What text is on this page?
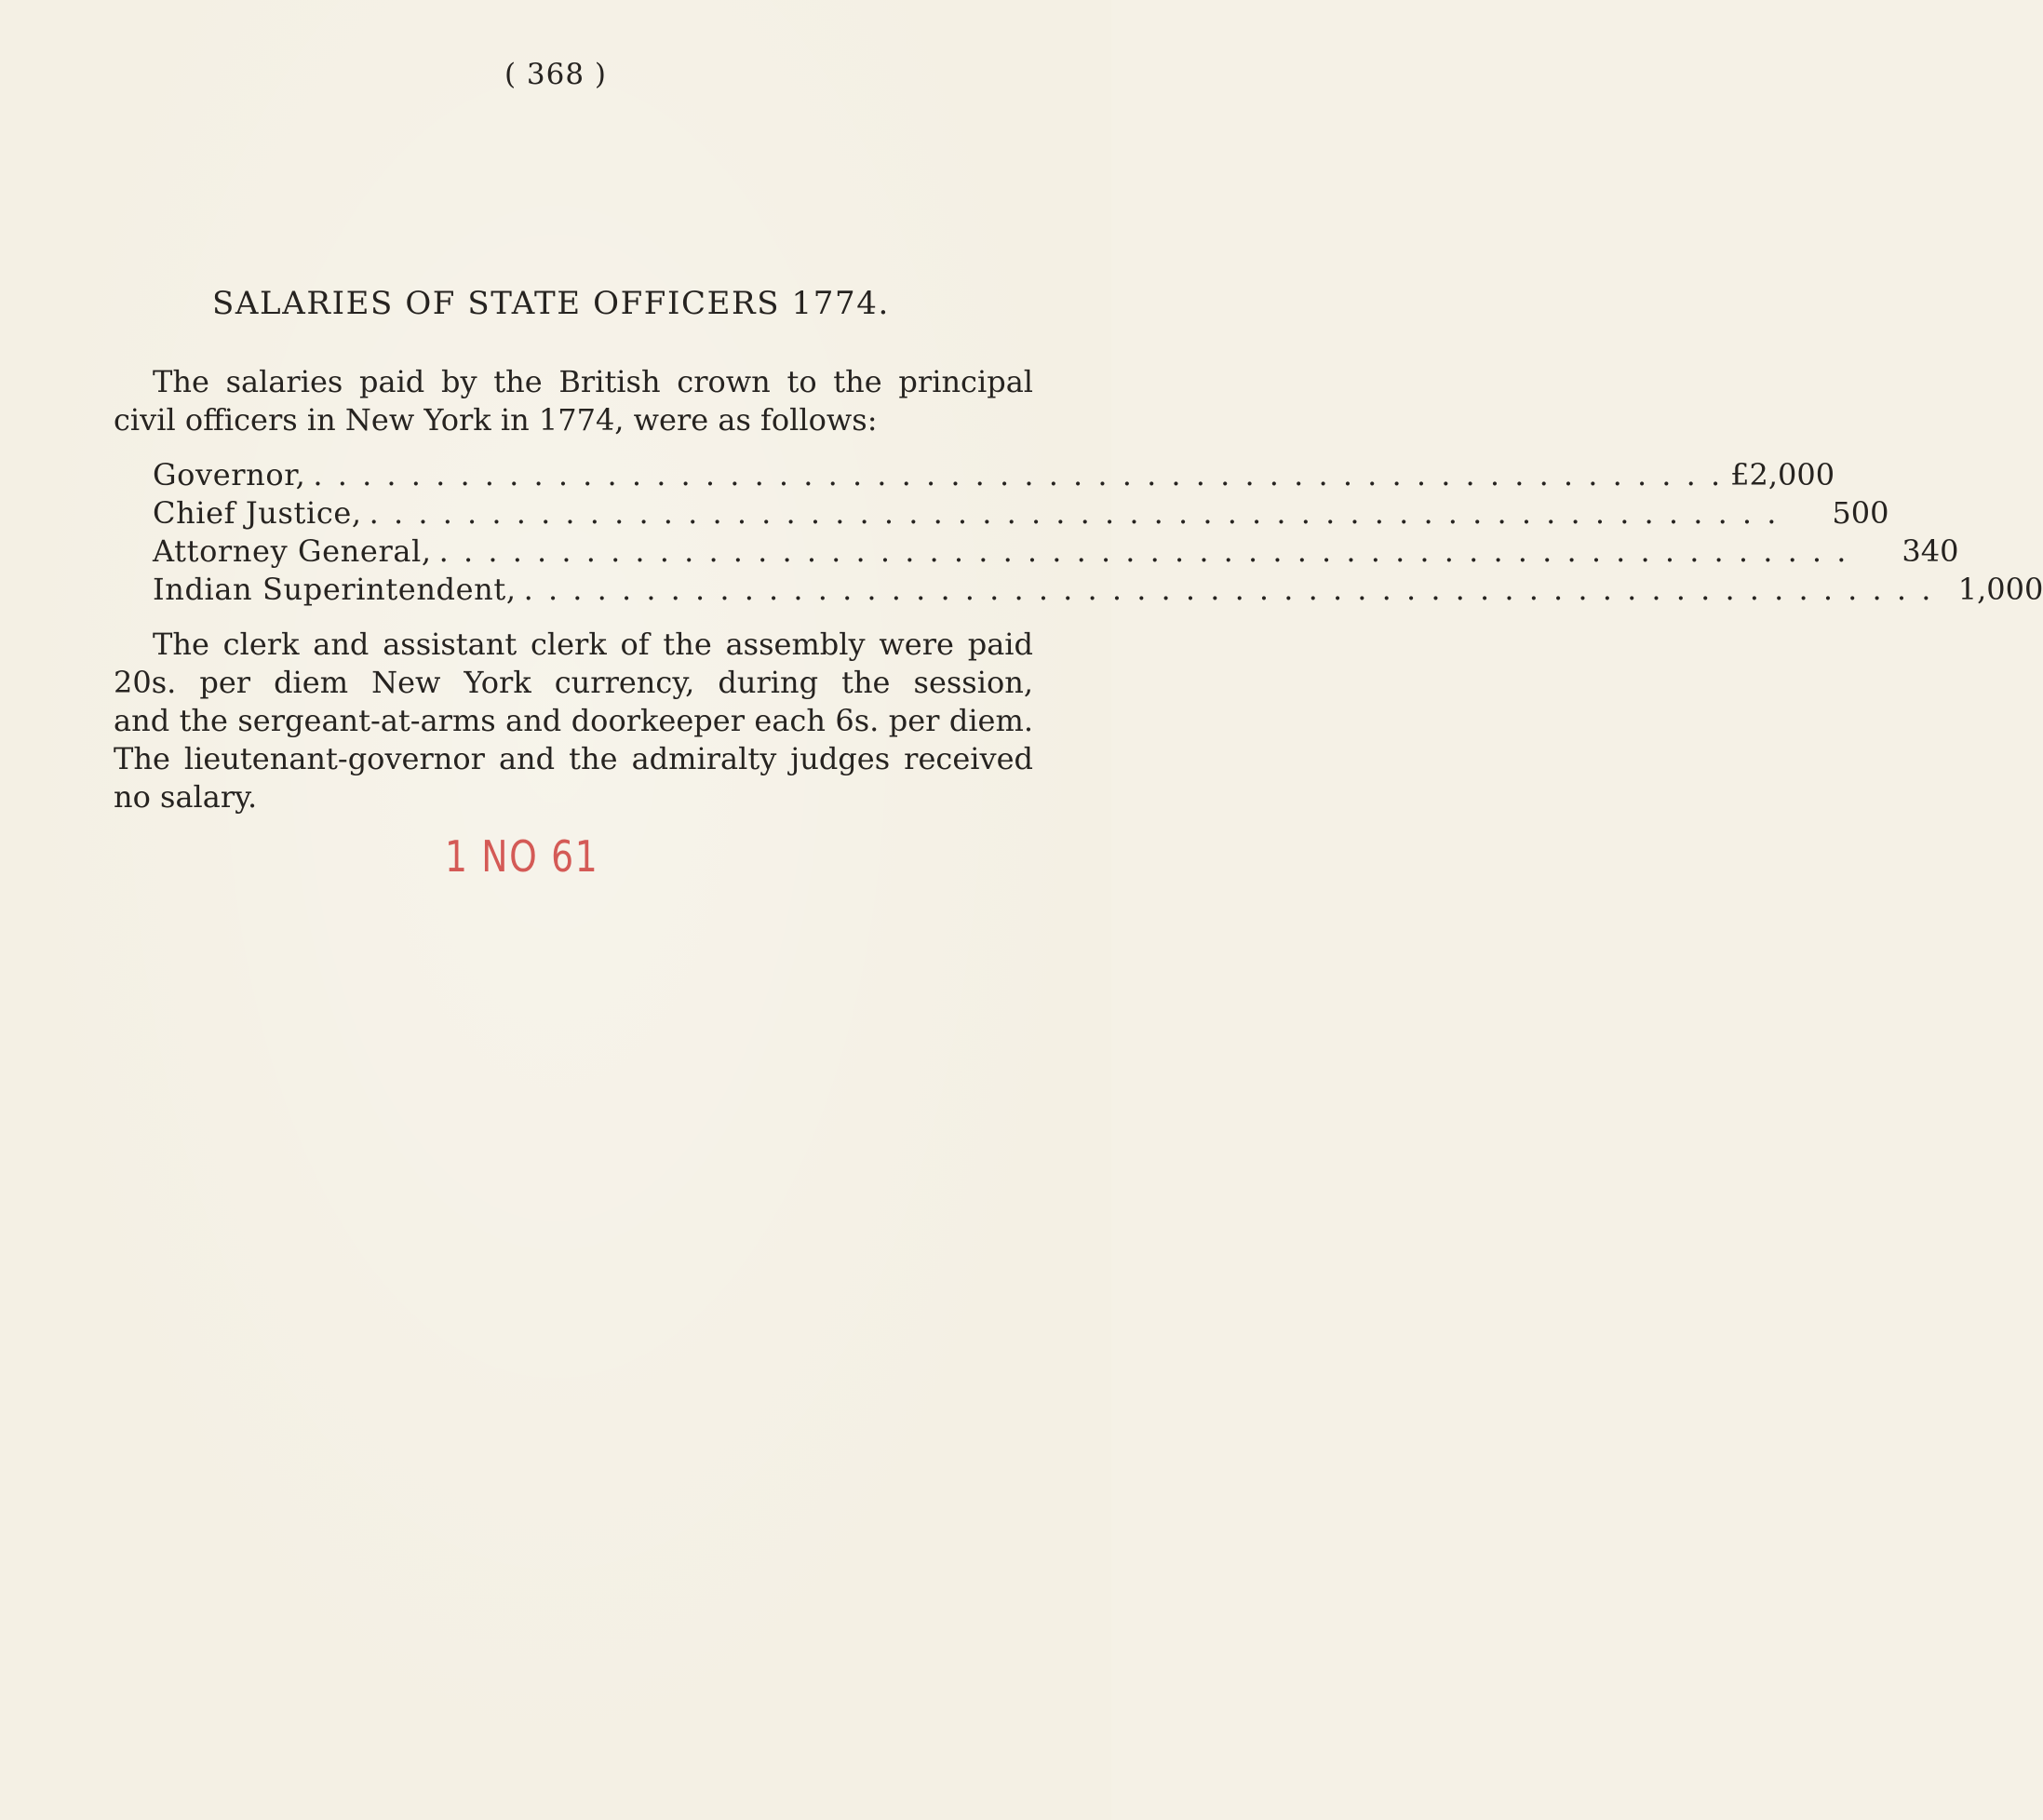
( 368 )
SALARIES OF STATE OFFICERS 1774.
The salaries paid by the British crown to the principal
civil officers in New York in 1774, were as follows:
Governor, . . . . . . . . . . . . . . . . . . . . . . . . . . . . . . . . . . . . . . . . . . . . . . . . . . . . . . . . . . £2,000
Chief Justice, . . . . . . . . . . . . . . . . . . . . . . . . . . . . . . . . . . . . . . . . . . . . . . . . . . . . . . . . . .	500
Attorney General, . . . . . . . . . . . . . . . . . . . . . . . . . . . . . . . . . . . . . . . . . . . . . . . . . . . . . . . . . .	340
Indian Superintendent, . . . . . . . . . . . . . . . . . . . . . . . . . . . . . . . . . . . . . . . . . . . . . . . . . . . . . . . . . . 1,000
The clerk and assistant clerk of the assembly were paid
20s. per diem New York currency, during the session,
and the sergeant-at-arms and doorkeeper each 6s. per diem.
The lieutenant-governor and the admiralty judges received
no salary.
1 NO 61
